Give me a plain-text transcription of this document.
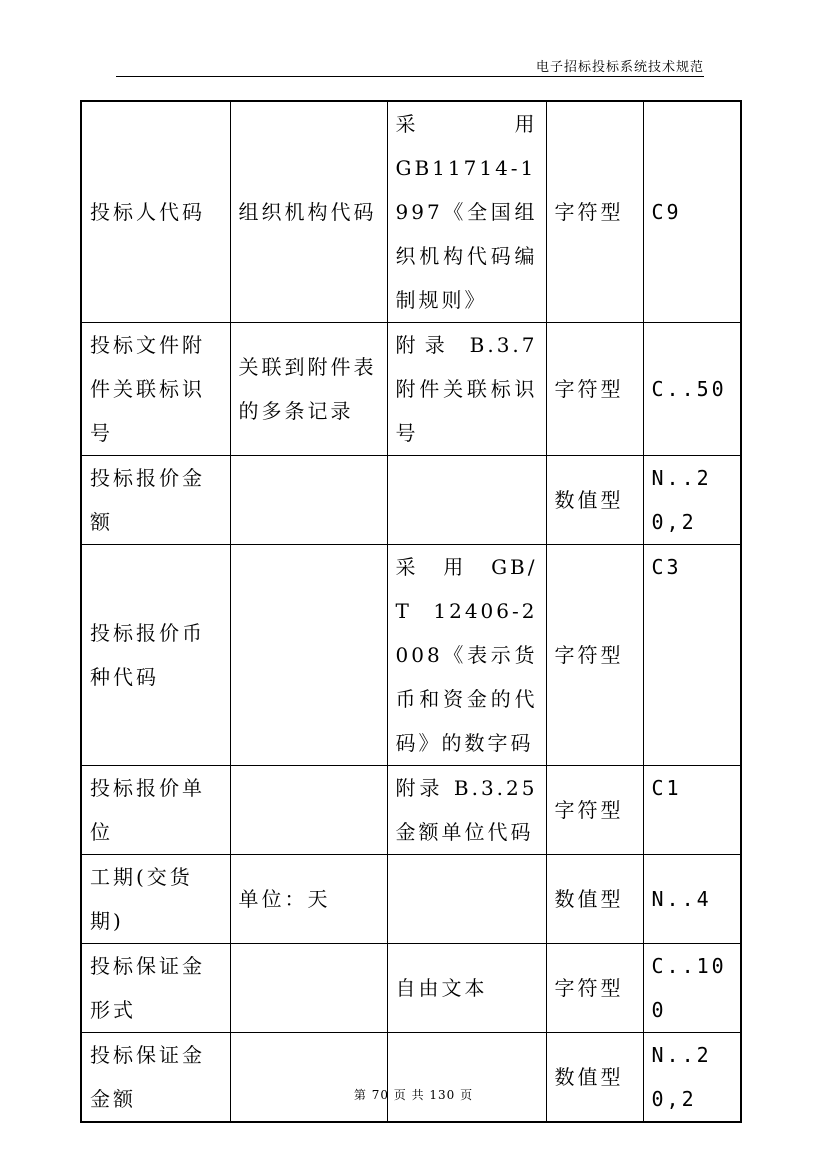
电子招标投标系统技术规范
投标人代码	组织机构代码	采　　　用 GB11714-1997《全国组织机构代码编制规则》	字符型	C9
投标文件附件关联标识号	关联到附件表的多条记录	附录 B.3.7 附件关联标识号	字符型	C..50
投标报价金额			数值型	N..20,2
投标报价币种代码		采　用　GB/T 12406-2008《表示货币和资金的代码》的数字码	字符型	C3
投标报价单位		附录 B.3.25 金额单位代码	字符型	C1
工期(交货期)	单位：天		数值型	N..4
投标保证金形式		自由文本	字符型	C..100
投标保证金金额			数值型	N..20,2
第 70 页 共 130 页
